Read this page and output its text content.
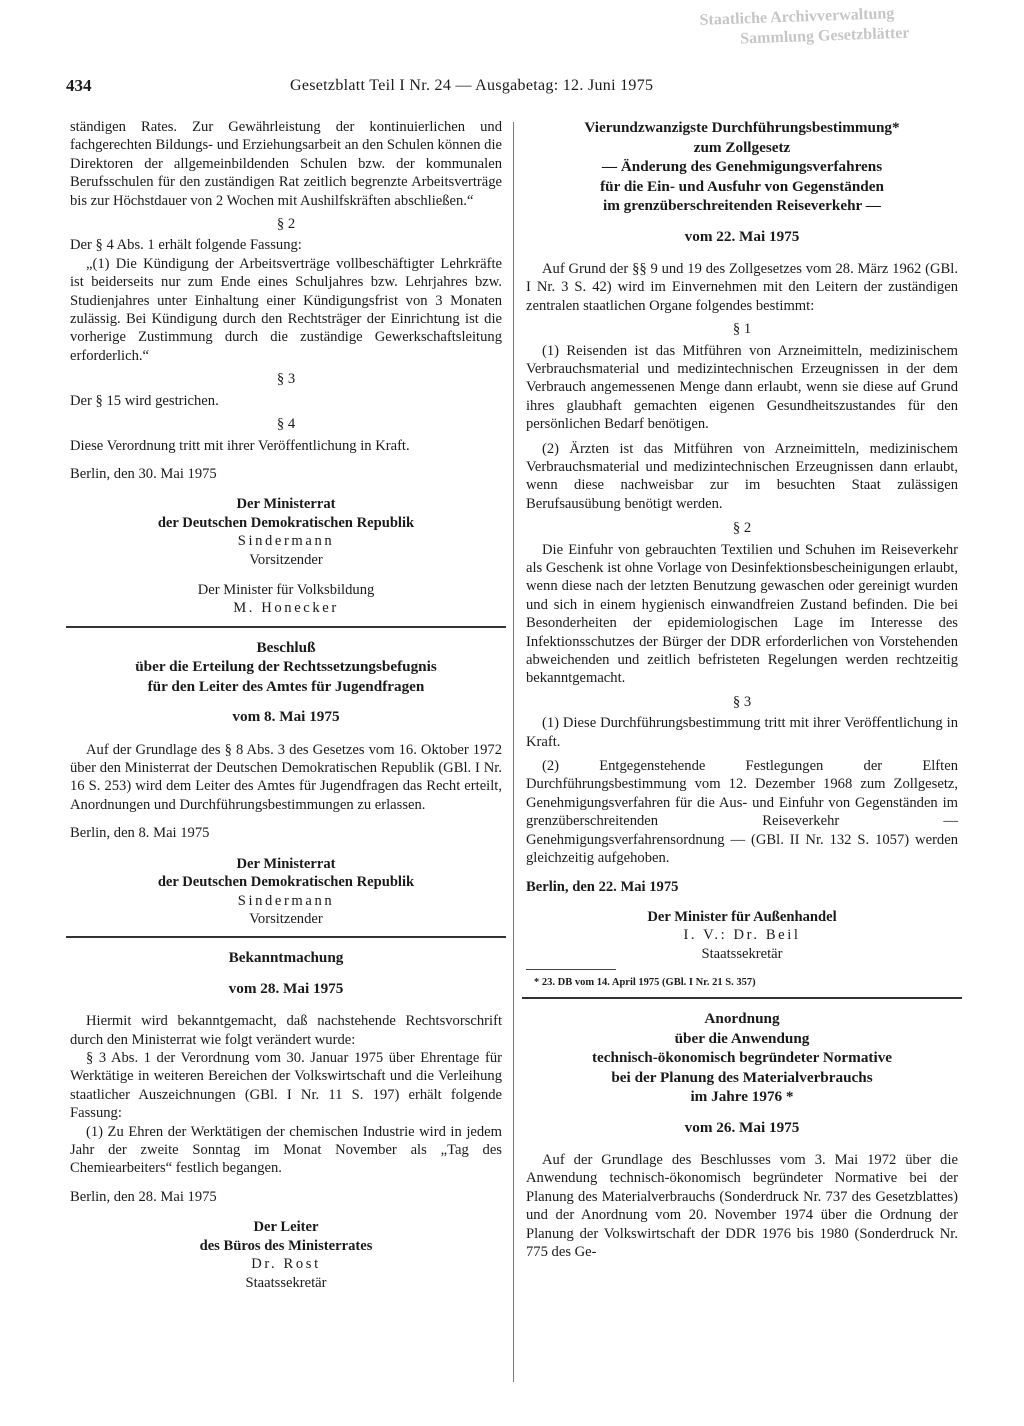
Staatliche Archivverwaltung
Sammlung Gesetzblätter
434	Gesetzblatt Teil I Nr. 24 — Ausgabetag: 12. Juni 1975

ständigen Rates. Zur Gewährleistung der kontinuierlichen und fachgerechten Bildungs- und Erziehungsarbeit an den Schulen können die Direktoren der allgemeinbildenden Schulen bzw. der kommunalen Berufsschulen für den zuständigen Rat zeitlich begrenzte Arbeitsverträge bis zur Höchstdauer von 2 Wochen mit Aushilfskräften abschließen.“

§ 2

Der § 4 Abs. 1 erhält folgende Fassung:

„(1) Die Kündigung der Arbeitsverträge vollbeschäftigter Lehrkräfte ist beiderseits nur zum Ende eines Schuljahres bzw. Lehrjahres bzw. Studienjahres unter Einhaltung einer Kündigungsfrist von 3 Monaten zulässig. Bei Kündigung durch den Rechtsträger der Einrichtung ist die vorherige Zustimmung durch die zuständige Gewerkschaftsleitung erforderlich.“

§ 3

Der § 15 wird gestrichen.

§ 4

Diese Verordnung tritt mit ihrer Veröffentlichung in Kraft.

Berlin, den 30. Mai 1975

Der Ministerrat

der Deutschen Demokratischen Republik

Sindermann

Vorsitzender

Der Minister für Volksbildung

M. Honecker

Beschluß

über die Erteilung der Rechtssetzungsbefugnis

für den Leiter des Amtes für Jugendfragen

vom 8. Mai 1975

Auf der Grundlage des § 8 Abs. 3 des Gesetzes vom 16. Oktober 1972 über den Ministerrat der Deutschen Demokratischen Republik (GBl. I Nr. 16 S. 253) wird dem Leiter des Amtes für Jugendfragen das Recht erteilt, Anordnungen und Durchführungsbestimmungen zu erlassen.

Berlin, den 8. Mai 1975

Der Ministerrat

der Deutschen Demokratischen Republik

Sindermann

Vorsitzender

Bekanntmachung

vom 28. Mai 1975

Hiermit wird bekanntgemacht, daß nachstehende Rechtsvorschrift durch den Ministerrat wie folgt verändert wurde:

§ 3 Abs. 1 der Verordnung vom 30. Januar 1975 über Ehrentage für Werktätige in weiteren Bereichen der Volkswirtschaft und die Verleihung staatlicher Auszeichnungen (GBl. I Nr. 11 S. 197) erhält folgende Fassung:

(1) Zu Ehren der Werktätigen der chemischen Industrie wird in jedem Jahr der zweite Sonntag im Monat November als „Tag des Chemiearbeiters“ festlich begangen.

Berlin, den 28. Mai 1975

Der Leiter

des Büros des Ministerrates

Dr. Rost

Staatssekretär

Vierundzwanzigste Durchführungsbestimmung*

zum Zollgesetz

— Änderung des Genehmigungsverfahrens

für die Ein- und Ausfuhr von Gegenständen

im grenzüberschreitenden Reiseverkehr —

vom 22. Mai 1975

Auf Grund der §§ 9 und 19 des Zollgesetzes vom 28. März 1962 (GBl. I Nr. 3 S. 42) wird im Einvernehmen mit den Leitern der zuständigen zentralen staatlichen Organe folgendes bestimmt:

§ 1

(1) Reisenden ist das Mitführen von Arzneimitteln, medizinischem Verbrauchsmaterial und medizintechnischen Erzeugnissen in der dem Verbrauch angemessenen Menge dann erlaubt, wenn sie diese auf Grund ihres glaubhaft gemachten eigenen Gesundheitszustandes für den persönlichen Bedarf benötigen.

(2) Ärzten ist das Mitführen von Arzneimitteln, medizinischem Verbrauchsmaterial und medizintechnischen Erzeugnissen dann erlaubt, wenn diese nachweisbar zur im besuchten Staat zulässigen Berufsausübung benötigt werden.

§ 2

Die Einfuhr von gebrauchten Textilien und Schuhen im Reiseverkehr als Geschenk ist ohne Vorlage von Desinfektionsbescheinigungen erlaubt, wenn diese nach der letzten Benutzung gewaschen oder gereinigt wurden und sich in einem hygienisch einwandfreien Zustand befinden. Die bei Besonderheiten der epidemiologischen Lage im Interesse des Infektionsschutzes der Bürger der DDR erforderlichen von Vorstehenden abweichenden und zeitlich befristeten Regelungen werden rechtzeitig bekanntgemacht.

§ 3

(1) Diese Durchführungsbestimmung tritt mit ihrer Veröffentlichung in Kraft.

(2) Entgegenstehende Festlegungen der Elften Durchführungsbestimmung vom 12. Dezember 1968 zum Zollgesetz, Genehmigungsverfahren für die Aus- und Einfuhr von Gegenständen im grenzüberschreitenden Reiseverkehr — Genehmigungsverfahrensordnung — (GBl. II Nr. 132 S. 1057) werden gleichzeitig aufgehoben.

Berlin, den 22. Mai 1975

Der Minister für Außenhandel

I. V.: Dr. Beil

Staatssekretär

* 23. DB vom 14. April 1975 (GBl. I Nr. 21 S. 357)

Anordnung

über die Anwendung

technisch-ökonomisch begründeter Normative

bei der Planung des Materialverbrauchs

im Jahre 1976 *

vom 26. Mai 1975

Auf der Grundlage des Beschlusses vom 3. Mai 1972 über die Anwendung technisch-ökonomisch begründeter Normative bei der Planung des Materialverbrauchs (Sonderdruck Nr. 737 des Gesetzblattes) und der Anordnung vom 20. November 1974 über die Ordnung der Planung der Volkswirtschaft der DDR 1976 bis 1980 (Sonderdruck Nr. 775 des Ge-
